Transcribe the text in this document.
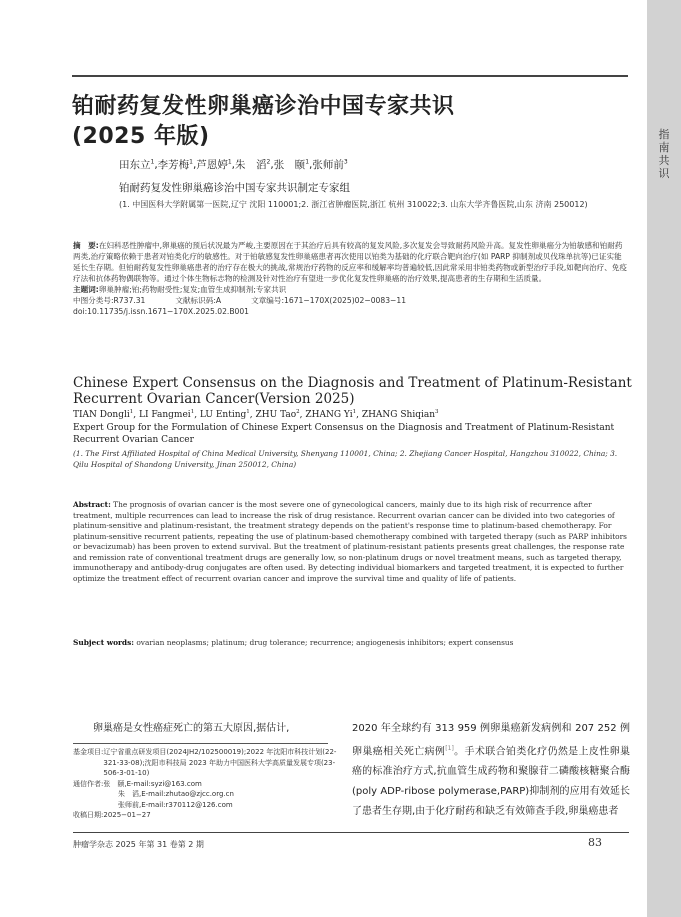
指南共识
铂耐药复发性卵巢癌诊治中国专家共识
(2025 年版)
田东立$^1$,李芳梅$^1$,芦恩婷$^1$,朱　滔$^2$,张　颐$^1$,张师前$^3$
铂耐药复发性卵巢癌诊治中国专家共识制定专家组
(1. 中国医科大学附属第一医院,辽宁 沈阳 110001;2. 浙江省肿瘤医院,浙江 杭州 310022;3. 山东大学齐鲁医院,山东 济南 250012)
摘　要:在妇科恶性肿瘤中,卵巢癌的预后状况最为严峻,主要原因在于其治疗后具有较高的复发风险,多次复发会导致耐药风险升高。复发性卵巢癌分为铂敏感和铂耐药两类,治疗策略依赖于患者对铂类化疗的敏感性。对于铂敏感复发性卵巢癌患者再次使用以铂类为基础的化疗联合靶向治疗(如 PARP 抑制剂或贝伐珠单抗等)已证实能延长生存期。但铂耐药复发性卵巢癌患者的治疗存在极大的挑战,常规治疗药物的反应率和缓解率均普遍较低,因此常采用非铂类药物或新型治疗手段,如靶向治疗、免疫疗法和抗体药物偶联物等。通过个体生物标志物的检测及针对性治疗有望进一步优化复发性卵巢癌的治疗效果,提高患者的生存期和生活质量。
主题词:卵巢肿瘤;铂;药物耐受性;复发;血管生成抑制剂;专家共识
中图分类号:R737.31	文献标识码:A	文章编号:1671−170X(2025)02−0083−11
doi:10.11735/j.issn.1671−170X.2025.02.B001
Chinese Expert Consensus on the Diagnosis and Treatment of Platinum-Resistant Recurrent Ovarian Cancer(Version 2025)
TIAN Dongli$^1$, LI Fangmei$^1$, LU Enting$^1$, ZHU Tao$^2$, ZHANG Yi$^1$, ZHANG Shiqian$^3$
Expert Group for the Formulation of Chinese Expert Consensus on the Diagnosis and Treatment of Platinum-Resistant Recurrent Ovarian Cancer
(1. The First Affiliated Hospital of China Medical University, Shenyang 110001, China; 2. Zhejiang Cancer Hospital, Hangzhou 310022, China; 3. Qilu Hospital of Shandong University, Jinan 250012, China)
Abstract: The prognosis of ovarian cancer is the most severe one of gynecological cancers, mainly due to its high risk of recurrence after treatment, multiple recurrences can lead to increase the risk of drug resistance. Recurrent ovarian cancer can be divided into two categories of platinum-sensitive and platinum-resistant, the treatment strategy depends on the patient's response time to platinum-based chemotherapy. For platinum-sensitive recurrent patients, repeating the use of platinum-based chemotherapy combined with targeted therapy (such as PARP inhibitors or bevacizumab) has been proven to extend survival. But the treatment of platinum-resistant patients presents great challenges, the response rate and remission rate of conventional treatment drugs are generally low, so non-platinum drugs or novel treatment means, such as targeted therapy, immunotherapy and antibody-drug conjugates are often used. By detecting individual biomarkers and targeted treatment, it is expected to further optimize the treatment effect of recurrent ovarian cancer and improve the survival time and quality of life of patients.
Subject words: ovarian neoplasms; platinum; drug tolerance; recurrence; angiogenesis inhibitors; expert consensus
卵巢癌是女性癌症死亡的第五大原因,据估计,
基金项目: 辽宁省重点研发项目(2024JH2/102500019);2022 年沈阳市科技计划(22-321-33-08);沈阳市科技局 2023 年助力中国医科大学高质量发展专项(23-506-3-01-10)
通信作者: 张　颐,E-mail:syzi@163.com
朱　滔,E-mail:zhutao@zjcc.org.cn
张师前,E-mail:r370112@126.com
收稿日期: 2025−01−27
2020 年全球约有 313 959 例卵巢癌新发病例和 207 252 例卵巢癌相关死亡病例[1]。手术联合铂类化疗仍然是上皮性卵巢癌的标准治疗方式,抗血管生成药物和聚腺苷二磷酸核糖聚合酶(poly ADP-ribose polymerase,PARP)抑制剂的应用有效延长了患者生存期,由于化疗耐药和缺乏有效筛查手段,卵巢癌患者
肿瘤学杂志 2025 年第 31 卷第 2 期	83
